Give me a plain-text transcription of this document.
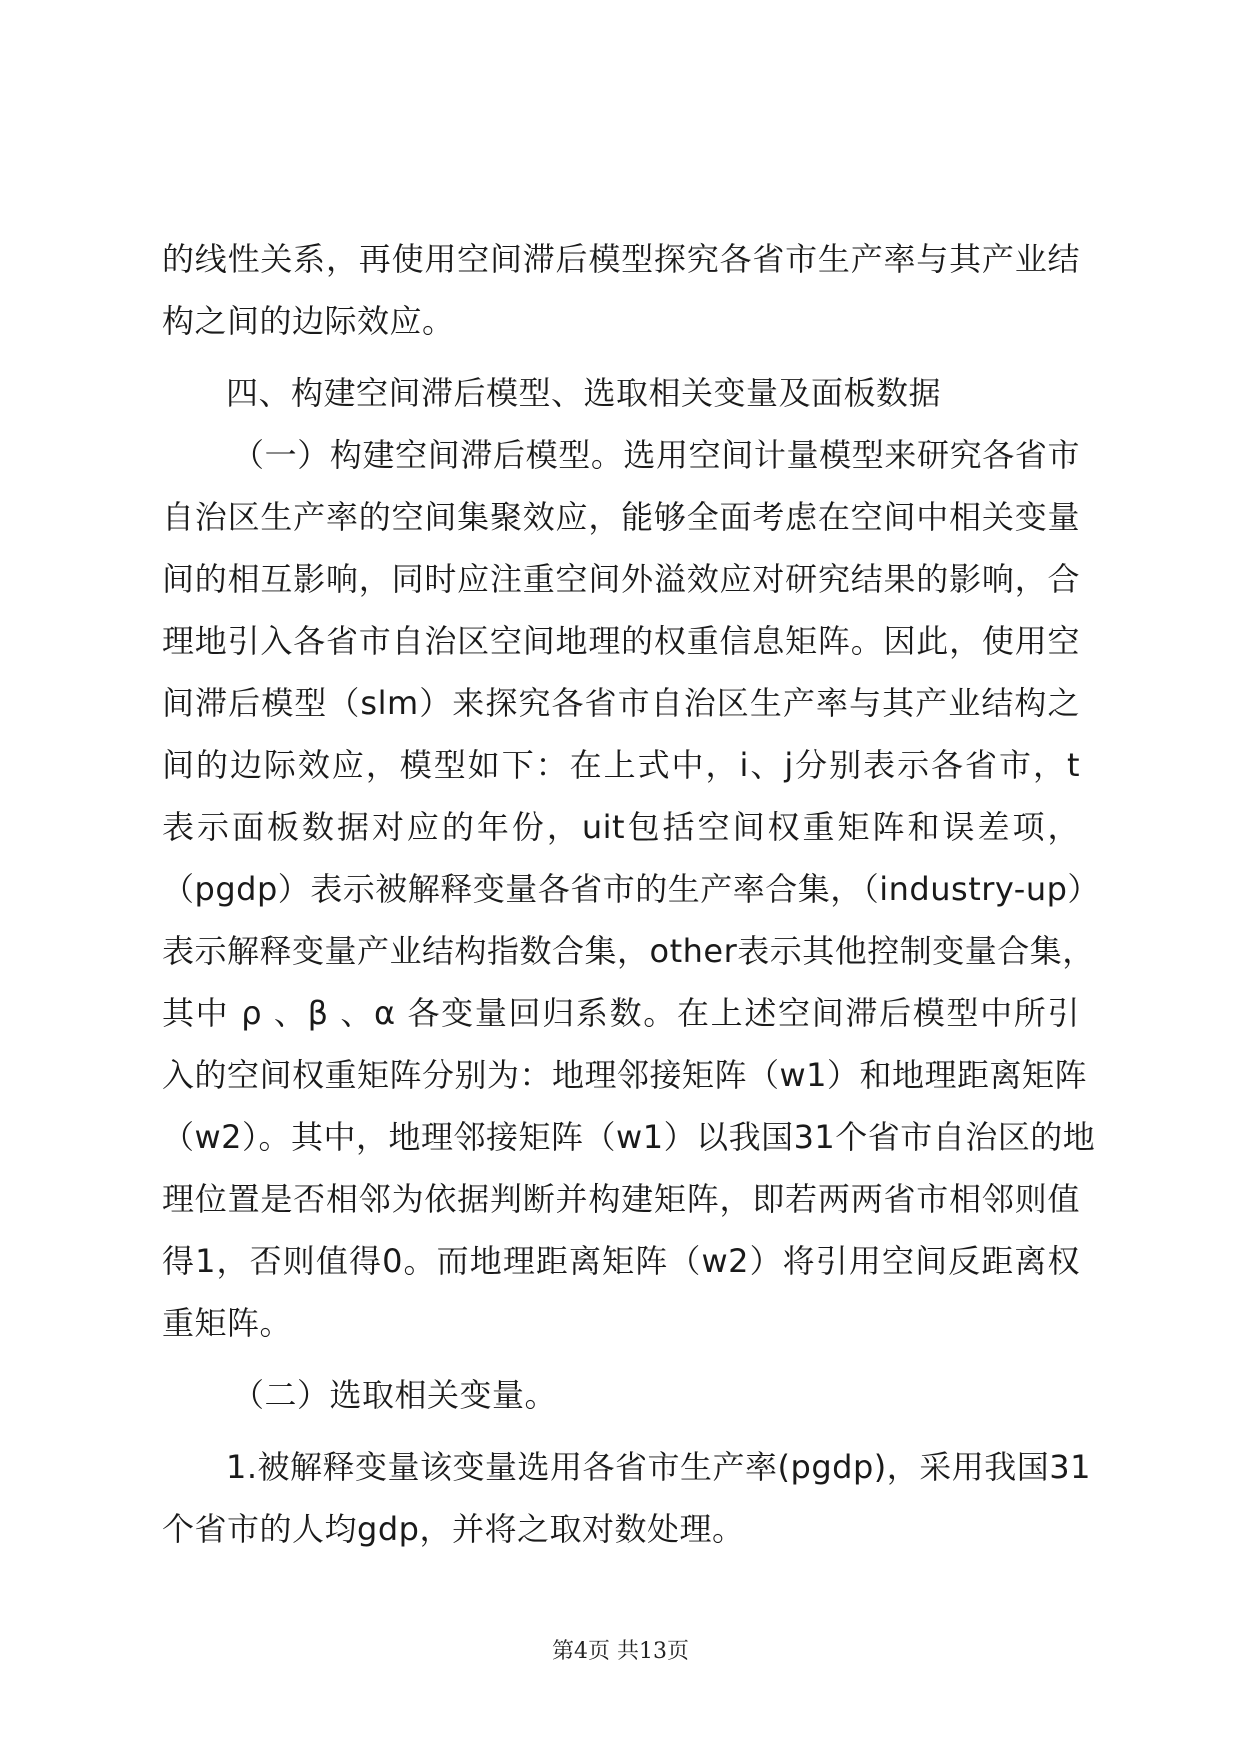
的线性关系，再使用空间滞后模型探究各省市生产率与其产业结
构之间的边际效应。
四、构建空间滞后模型、选取相关变量及面板数据
（一）构建空间滞后模型。选用空间计量模型来研究各省市
自治区生产率的空间集聚效应，能够全面考虑在空间中相关变量
间的相互影响，同时应注重空间外溢效应对研究结果的影响，合
理地引入各省市自治区空间地理的权重信息矩阵。因此，使用空
间滞后模型（slm）来探究各省市自治区生产率与其产业结构之
间的边际效应，模型如下：在上式中，i、j分别表示各省市，t
表示面板数据对应的年份，uit包括空间权重矩阵和误差项，
（pgdp）表示被解释变量各省市的生产率合集，（industry-up）
表示解释变量产业结构指数合集，other表示其他控制变量合集，
其中 ρ 、β 、α 各变量回归系数。在上述空间滞后模型中所引
入的空间权重矩阵分别为：地理邻接矩阵（w1）和地理距离矩阵
（w2）。其中，地理邻接矩阵（w1）以我国31个省市自治区的地
理位置是否相邻为依据判断并构建矩阵，即若两两省市相邻则值
得1，否则值得0。而地理距离矩阵（w2）将引用空间反距离权
重矩阵。
（二）选取相关变量。
1.被解释变量该变量选用各省市生产率(pgdp)，采用我国31
个省市的人均gdp，并将之取对数处理。
第4页 共13页
